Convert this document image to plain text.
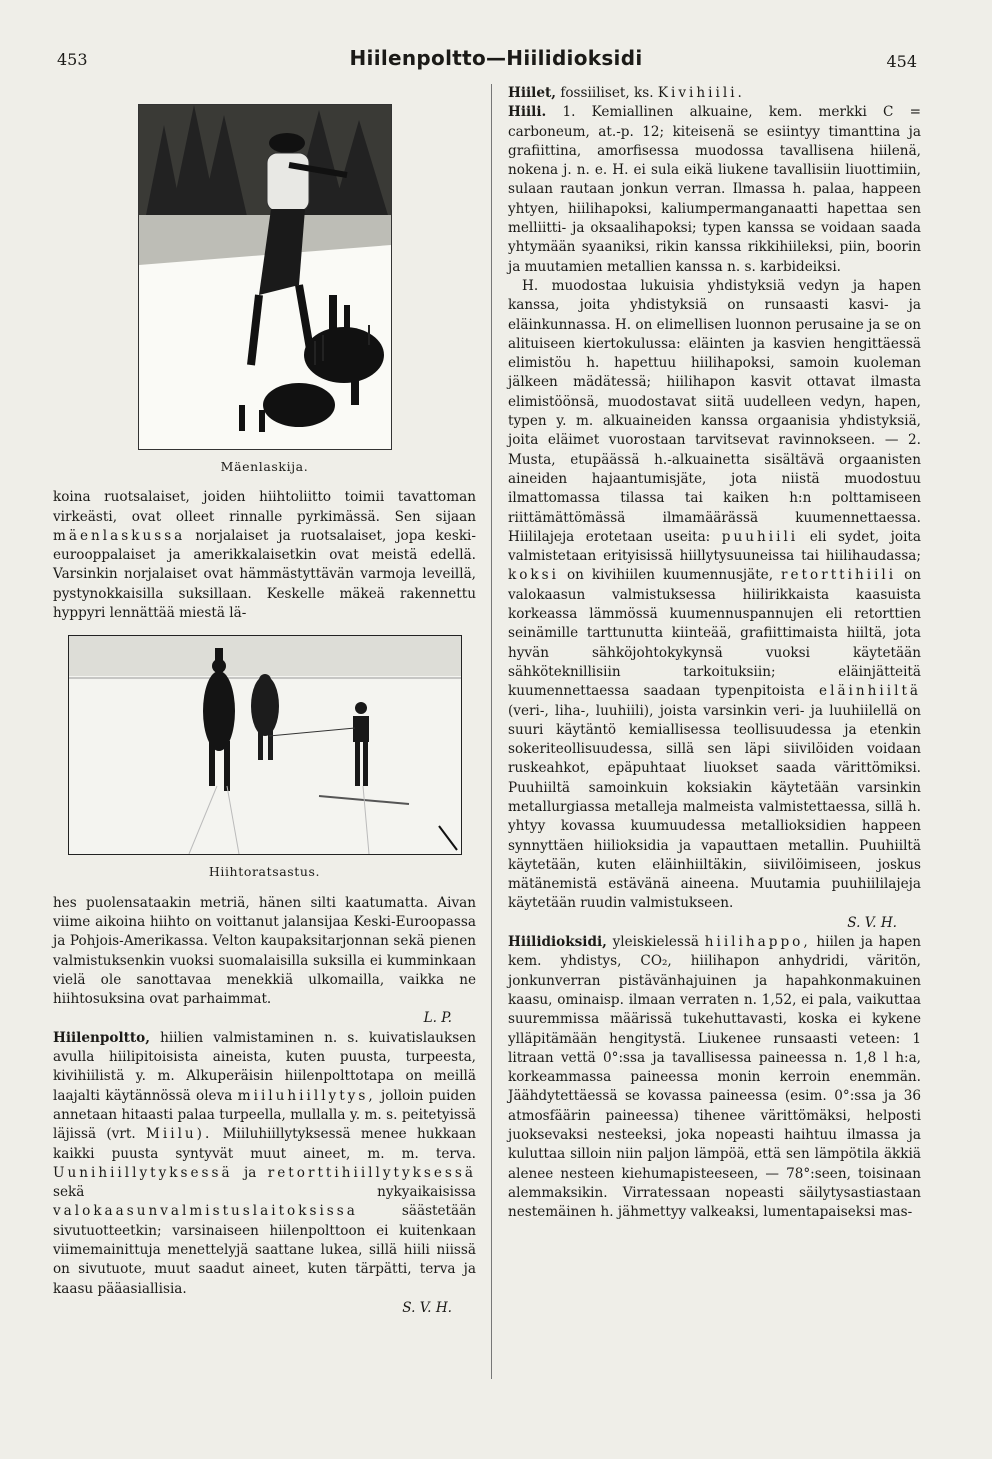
453	Hiilenpoltto—Hiilidioksidi	454
Mäenlaskija.

koina ruotsalaiset, joiden hiihtoliitto toimii tavattoman virkeästi, ovat olleet rinnalle pyrkimässä. Sen sijaan mäenlaskussa norjalaiset ja ruotsalaiset, jopa keski-eurooppalaiset ja amerikkalaisetkin ovat meistä edellä. Varsinkin norjalaiset ovat hämmästyttävän varmoja leveillä, pystynokkaisilla suksillaan. Keskelle mäkeä rakennettu hyppyri lennättää miestä lä-

Hiihtoratsastus.

hes puolensataakin metriä, hänen silti kaatumatta. Aivan viime aikoina hiihto on voittanut jalansijaa Keski-Euroopassa ja Pohjois-Amerikassa. Velton kaupaksitarjonnan sekä pienen valmistuksenkin vuoksi suomalaisilla suksilla ei kumminkaan vielä ole sanottavaa menekkiä ulkomailla, vaikka ne hiihtosuksina ovat parhaimmat.

L. P.

Hiilenpoltto, hiilien valmistaminen n. s. kuivatislauksen avulla hiilipitoisista aineista, kuten puusta, turpeesta, kivihiilistä y. m. Alkuperäisin hiilenpolttotapa on meillä laajalti käytännössä oleva miiluhiillytys, jolloin puiden annetaan hitaasti palaa turpeella, mullalla y. m. s. peitetyissä läjissä (vrt. Miilu). Miiluhiillytyksessä menee hukkaan kaikki puusta syntyvät muut aineet, m. m. terva. Uunihiillytyksessä ja retorttihiillytyksessä sekä nykyaikaisissa valokaasunvalmistuslaitoksissa	säästetään sivutuotteetkin; varsinaiseen hiilenpolttoon ei kuitenkaan viimemainittuja menettelyjä saattane lukea, sillä hiili niissä on sivutuote, muut saadut aineet, kuten tärpätti, terva ja kaasu pääasiallisia.

S. V. H.

Hiilet, fossiiliset, ks. Kivihiili.

Hiili. 1. Kemiallinen alkuaine, kem. merkki C = carboneum, at.-p. 12; kiteisenä se esiintyy timanttina ja grafiittina, amorfisessa muodossa tavallisena hiilenä, nokena j. n. e. H. ei sula eikä liukene tavallisiin liuottimiin, sulaan rautaan jonkun verran. Ilmassa h. palaa, happeen yhtyen, hiilihapoksi, kaliumpermanganaatti hapettaa sen melliitti- ja oksaalihapoksi; typen kanssa se voidaan saada yhtymään syaaniksi, rikin kanssa rikkihiileksi, piin, boorin ja muutamien metallien kanssa n. s. karbideiksi.

H. muodostaa lukuisia yhdistyksiä vedyn ja hapen kanssa, joita yhdistyksiä on runsaasti kasvi- ja eläinkunnassa. H. on elimellisen luonnon perusaine ja se on alituiseen kiertokulussa: eläinten ja kasvien hengittäessä elimistöu h. hapettuu hiilihapoksi, samoin kuoleman jälkeen mädätessä; hiilihapon kasvit ottavat ilmasta elimistöönsä, muodostavat siitä uudelleen vedyn, hapen, typen y. m. alkuaineiden kanssa orgaanisia yhdistyksiä, joita eläimet vuorostaan tarvitsevat ravinnokseen. — 2. Musta, etupäässä h.-alkuainetta sisältävä orgaanisten aineiden hajaantumisjäte, jota niistä muodostuu ilmattomassa tilassa tai kaiken h:n polttamiseen riittämättömässä ilmamäärässä kuumennettaessa. Hiililajeja erotetaan useita: puuhiili eli sydet, joita valmistetaan erityisissä hiillytysuuneissa tai hiilihaudassa; koksi on kivihiilen kuumennusjäte, retorttihiili on valokaasun valmistuksessa hiilirikkaista kaasuista korkeassa lämmössä kuumennuspannujen eli retorttien seinämille tarttunutta kiinteää, grafiittimaista hiiltä, jota hyvän sähköjohtokykynsä vuoksi käytetään sähköteknillisiin tarkoituksiin; eläinjätteitä kuumennettaessa saadaan typenpitoista eläinhiiltä (veri-, liha-, luuhiili), joista varsinkin veri- ja luuhiilellä on suuri käytäntö kemiallisessa teollisuudessa ja etenkin sokeriteollisuudessa, sillä sen läpi siivilöiden voidaan ruskeahkot, epäpuhtaat liuokset saada värittömiksi. Puuhiiltä samoinkuin koksiakin käytetään varsinkin metallurgiassa metalleja malmeista valmistettaessa, sillä h. yhtyy kovassa kuumuudessa metallioksidien happeen synnyttäen hiilioksidia ja vapauttaen metallin. Puuhiiltä käytetään, kuten eläinhiiltäkin, siivilöimiseen, joskus mätänemistä estävänä aineena. Muutamia puuhiililajeja käytetään ruudin valmistukseen.

S. V. H.

Hiilidioksidi, yleiskielessä hiilihappo, hiilen ja hapen kem. yhdistys, CO₂, hiilihapon anhydridi, väritön, jonkunverran pistävänhajuinen ja hapahkonmakuinen kaasu, ominaisp. ilmaan verraten n. 1,52, ei pala, vaikuttaa suuremmissa määrissä tukehuttavasti, koska ei kykene ylläpitämään hengitystä. Liukenee runsaasti veteen: 1 litraan vettä 0°:ssa ja tavallisessa paineessa n. 1,8 l h:a, korkeammassa paineessa monin kerroin enemmän. Jäähdytettäessä se kovassa paineessa (esim. 0°:ssa ja 36 atmosfäärin paineessa) tihenee värittömäksi, helposti juoksevaksi nesteeksi, joka nopeasti haihtuu ilmassa ja kuluttaa silloin niin paljon lämpöä, että sen lämpötila äkkiä alenee nesteen kiehumapisteeseen, — 78°:seen, toisinaan alemmaksikin. Virratessaan nopeasti säilytysastiastaan nestemäinen h. jähmettyy valkeaksi, lumentapaiseksi mas-
